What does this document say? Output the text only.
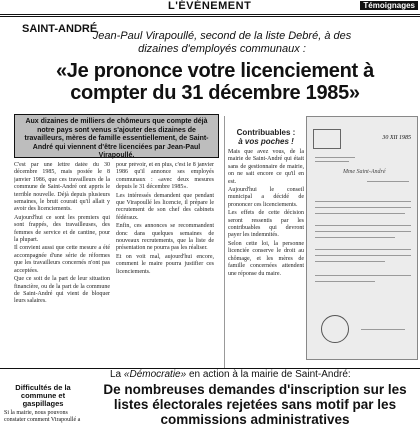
L'ÉVÉNEMENT	Témoignages
SAINT-ANDRÉ
Jean-Paul Virapoullé, second de la liste Debré, à des dizaines d'employés communaux :
«Je prononce votre licenciement à compter du 31 décembre 1985»
Aux dizaines de milliers de chômeurs que compte déjà notre pays sont venus s'ajouter des dizaines de travailleurs, mères de famille essentiellement, de Saint-André qui viennent d'être licenciées par Jean-Paul Virapoullé.

C'est par une lettre datée du 30 décembre 1985, mais postée le 8 janvier 1986, que ces travailleurs de la commune de Saint-André ont appris le terrible nouvelle. Déjà depuis plusieurs semaines, le bruit courait qu'il allait y avoir des licenciements.

Aujourd'hui ce sont les premiers qui sont frappés, des travailleuses, des femmes de service et de cantine, pour la plupart.

Il convient aussi que cette mesure a été accompagnée d'une série de réformes que les travailleurs concernés n'ont pas acceptées.

Que ce soit de la part de leur situation financière, ou de la part de la commune de Saint-André qui vient de bloquer leurs salaires.

pour prévoir, et en plus, c'est le 8 janvier 1986 qu'il annonce ses employés communaux : «avec deux mesures depuis le 31 décembre 1985».

Les intéressés demandent que pendant que Virapoullé les licencie, il prépare le recrutement de son chef des cabinets fédéraux.

Enfin, ces annonces se recommandent donc dans quelques semaines de nouveaux recrutements, que la liste de présentation ne pourra pas les réaliser.

Et on voit mal, aujourd'hui encore, comment le maire pourra justifier ces licenciements.

Contribuables :
à vos poches !

Mais que avez vous, de la mairie de Saint-André qui était sans de gestionnaire de mairie, on ne sait encore ce qu'il en est.

Aujourd'hui le conseil municipal a décidé de prononcer ces licenciements.

Les effets de cette décision seront ressentis par les contribuables qui devront payer les indemnités.

Selon cette loi, la personne licenciée conserve le droit au chômage, et les mères de famille concernées attendent une réponse du maire.

30 XII 1985
Mme Saint-André
La «Démocratie» en action à la mairie de Saint-André:
De nombreuses demandes d'inscription sur les listes électorales rejetées sans motif par les commissions administratives
Difficultés de la commune et gaspillages
Si la mairie, nous pouvons constater comment Virapoullé a
